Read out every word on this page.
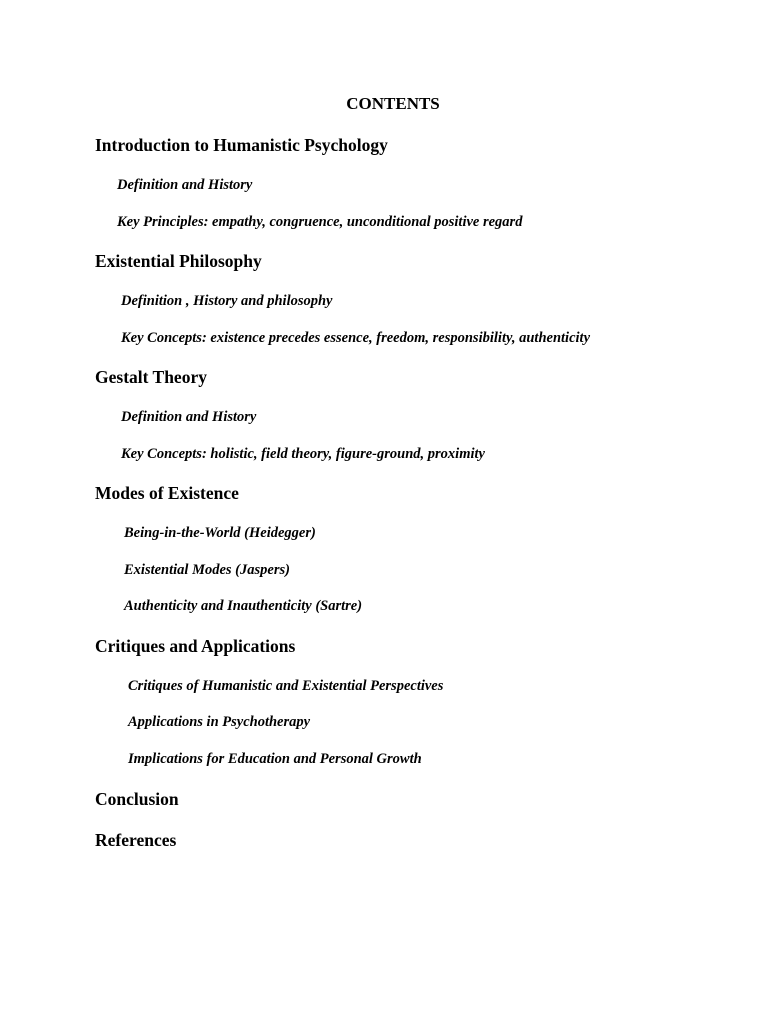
CONTENTS
Introduction to Humanistic Psychology
Definition and History
Key Principles: empathy, congruence, unconditional positive regard
Existential Philosophy
Definition , History and philosophy
Key Concepts: existence precedes essence, freedom, responsibility, authenticity
Gestalt Theory
Definition and History
Key Concepts: holistic, field theory, figure-ground, proximity
Modes of Existence
Being-in-the-World (Heidegger)
Existential Modes (Jaspers)
Authenticity and Inauthenticity (Sartre)
Critiques and Applications
Critiques of Humanistic and Existential Perspectives
Applications in Psychotherapy
Implications for Education and Personal Growth
Conclusion
References
